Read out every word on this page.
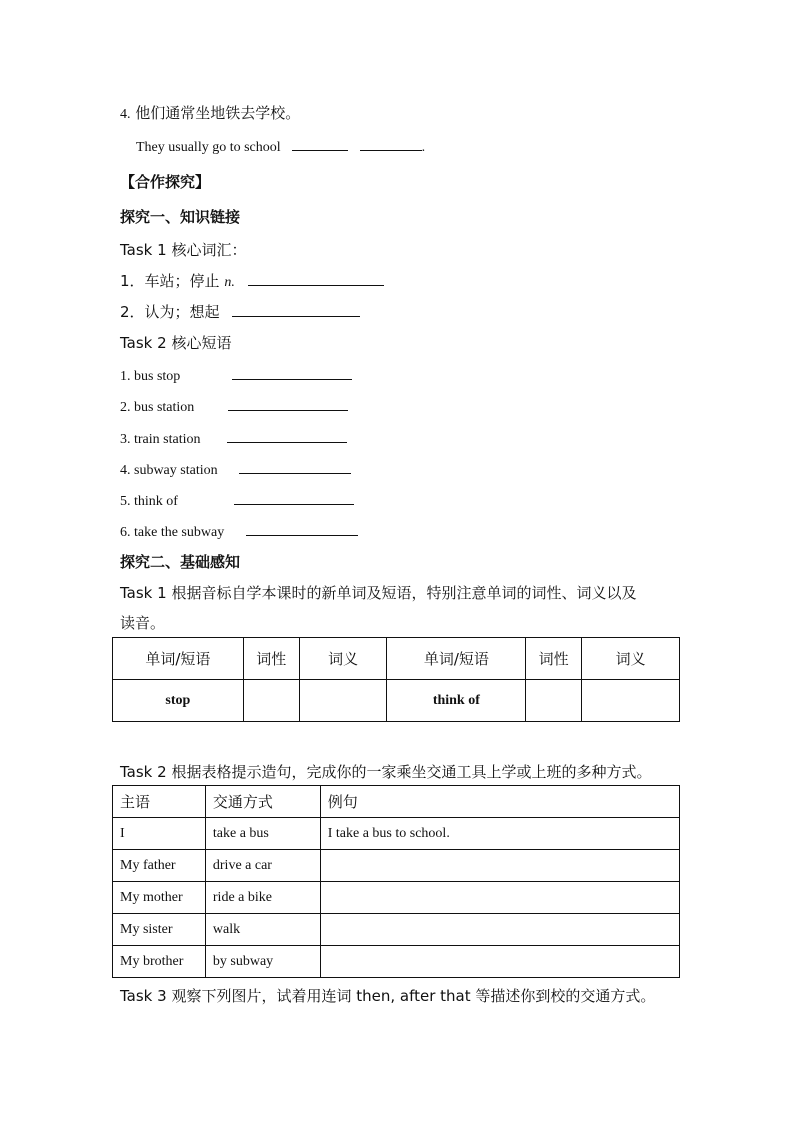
4. 他们通常坐地铁去学校。
They usually go to school	.
【合作探究】
探究一、知识链接
Task 1 核心词汇：
1．车站；停止 n.
2．认为；想起
Task 2 核心短语
1. bus stop
2. bus station
3. train station
4. subway station
5. think of
6. take the subway
探究二、基础感知
Task 1 根据音标自学本课时的新单词及短语，特别注意单词的词性、词义以及
读音。
单词/短语	词性	词义	单词/短语	词性	词义
stop			think of		
Task 2 根据表格提示造句，完成你的一家乘坐交通工具上学或上班的多种方式。
主语	交通方式	例句
I	take a bus	I take a bus to school.
My father	drive a car	
My mother	ride a bike	
My sister	walk	
My brother	by subway	
Task 3 观察下列图片，试着用连词 then, after that 等描述你到校的交通方式。
